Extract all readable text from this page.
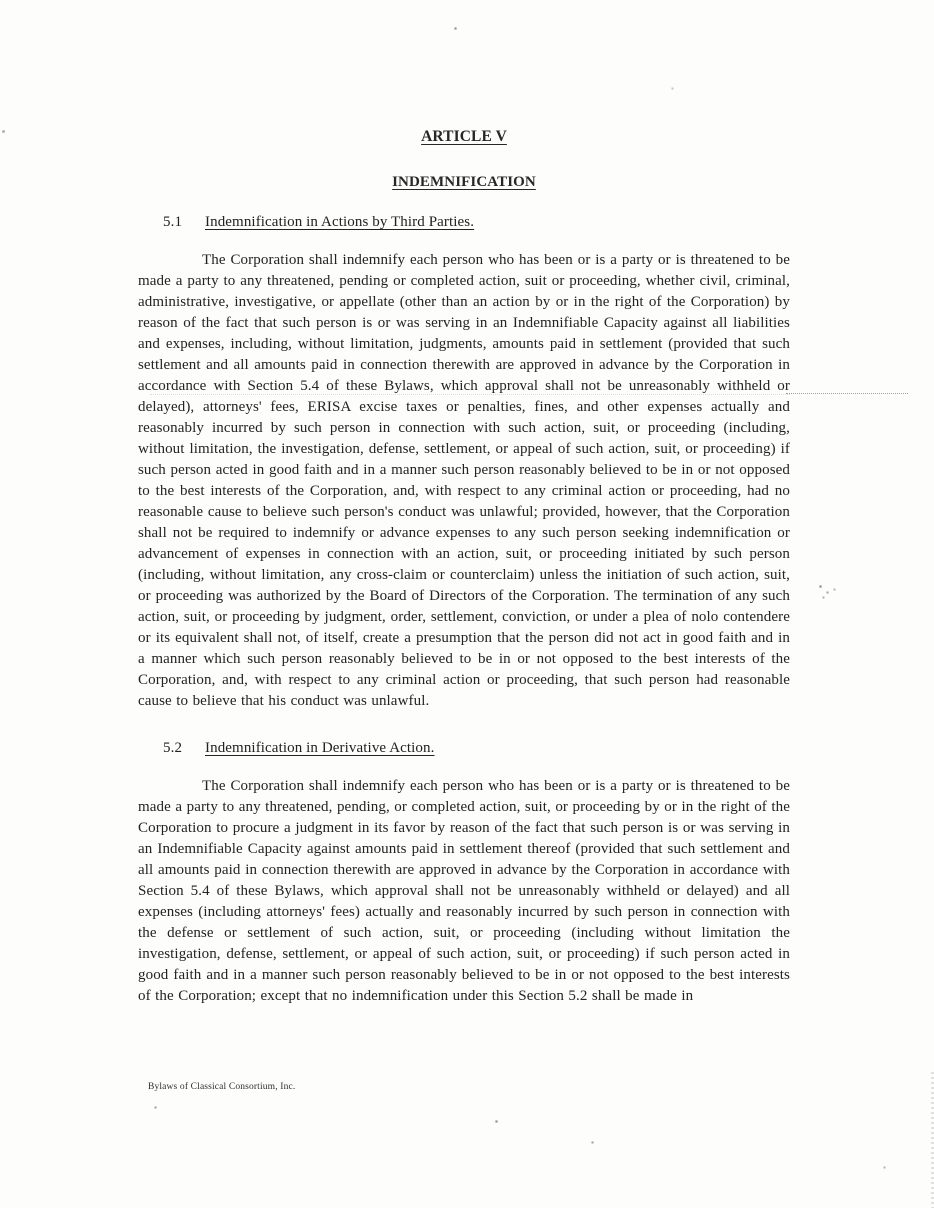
ARTICLE V
INDEMNIFICATION
5.1	Indemnification in Actions by Third Parties.

The Corporation shall indemnify each person who has been or is a party or is threatened to be made a party to any threatened, pending or completed action, suit or proceeding, whether civil, criminal, administrative, investigative, or appellate (other than an action by or in the right of the Corporation) by reason of the fact that such person is or was serving in an Indemnifiable Capacity against all liabilities and expenses, including, without limitation, judgments, amounts paid in settlement (provided that such settlement and all amounts paid in connection therewith are approved in advance by the Corporation in accordance with Section 5.4 of these Bylaws, which approval shall not be unreasonably withheld or delayed), attorneys' fees, ERISA excise taxes or penalties, fines, and other expenses actually and reasonably incurred by such person in connection with such action, suit, or proceeding (including, without limitation, the investigation, defense, settlement, or appeal of such action, suit, or proceeding) if such person acted in good faith and in a manner such person reasonably believed to be in or not opposed to the best interests of the Corporation, and, with respect to any criminal action or proceeding, had no reasonable cause to believe such person's conduct was unlawful; provided, however, that the Corporation shall not be required to indemnify or advance expenses to any such person seeking indemnification or advancement of expenses in connection with an action, suit, or proceeding initiated by such person (including, without limitation, any cross-claim or counterclaim) unless the initiation of such action, suit, or proceeding was authorized by the Board of Directors of the Corporation. The termination of any such action, suit, or proceeding by judgment, order, settlement, conviction, or under a plea of nolo contendere or its equivalent shall not, of itself, create a presumption that the person did not act in good faith and in a manner which such person reasonably believed to be in or not opposed to the best interests of the Corporation, and, with respect to any criminal action or proceeding, that such person had reasonable cause to believe that his conduct was unlawful.

5.2	Indemnification in Derivative Action.

The Corporation shall indemnify each person who has been or is a party or is threatened to be made a party to any threatened, pending, or completed action, suit, or proceeding by or in the right of the Corporation to procure a judgment in its favor by reason of the fact that such person is or was serving in an Indemnifiable Capacity against amounts paid in settlement thereof (provided that such settlement and all amounts paid in connection therewith are approved in advance by the Corporation in accordance with Section 5.4 of these Bylaws, which approval shall not be unreasonably withheld or delayed) and all expenses (including attorneys' fees) actually and reasonably incurred by such person in connection with the defense or settlement of such action, suit, or proceeding (including without limitation the investigation, defense, settlement, or appeal of such action, suit, or proceeding) if such person acted in good faith and in a manner such person reasonably believed to be in or not opposed to the best interests of the Corporation; except that no indemnification under this Section 5.2 shall be made in

Bylaws of Classical Consortium, Inc.
